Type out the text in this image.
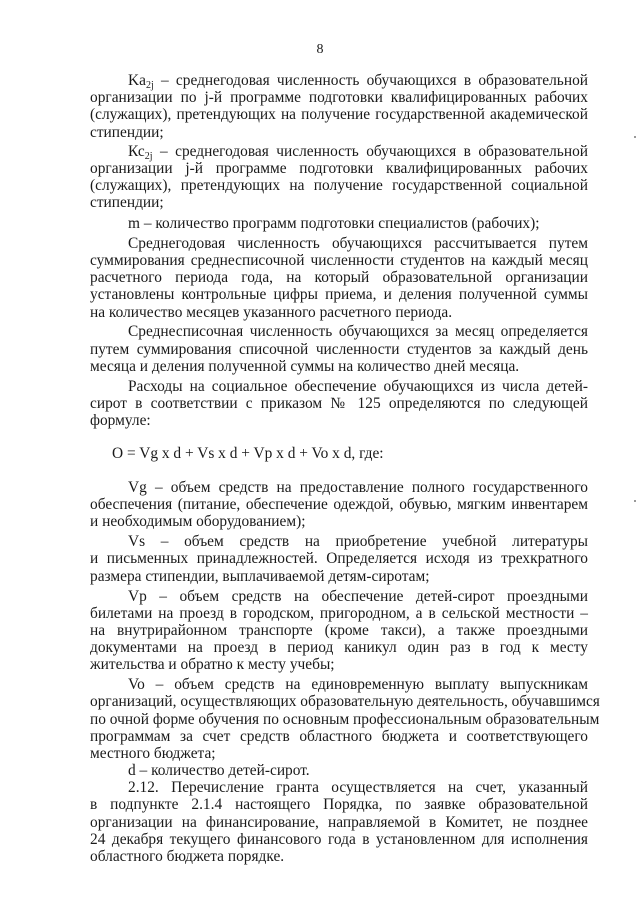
8
$Ka_{2j}$ – среднегодовая численность обучающихся в образовательной
организации по j-й программе подготовки квалифицированных рабочих
(служащих), претендующих на получение государственной академической
стипендии;
$Кс_{2j}$ – среднегодовая численность обучающихся в образовательной
организации j-й программе подготовки квалифицированных рабочих
(служащих), претендующих на получение государственной социальной
стипендии;
m – количество программ подготовки специалистов (рабочих);
Среднегодовая численность обучающихся рассчитывается путем
суммирования среднесписочной численности студентов на каждый месяц
расчетного периода года, на который образовательной организации
установлены контрольные цифры приема, и деления полученной суммы
на количество месяцев указанного расчетного периода.
Среднесписочная численность обучающихся за месяц определяется
путем суммирования списочной численности студентов за каждый день
месяца и деления полученной суммы на количество дней месяца.
Расходы на социальное обеспечение обучающихся из числа детей-
сирот в соответствии с приказом № 125 определяются по следующей
формуле:
O = Vg x d + Vs x d + Vp x d + Vo x d, где:
Vg – объем средств на предоставление полного государственного
обеспечения (питание, обеспечение одеждой, обувью, мягким инвентарем
и необходимым оборудованием);
Vs – объем средств на приобретение учебной литературы
и письменных принадлежностей. Определяется исходя из трехкратного
размера стипендии, выплачиваемой детям-сиротам;
Vp – объем средств на обеспечение детей-сирот проездными
билетами на проезд в городском, пригородном, а в сельской местности –
на внутрирайонном транспорте (кроме такси), а также проездными
документами на проезд в период каникул один раз в год к месту
жительства и обратно к месту учебы;
Vo – объем средств на единовременную выплату выпускникам
организаций, осуществляющих образовательную деятельность, обучавшимся
по очной форме обучения по основным профессиональным образовательным
программам за счет средств областного бюджета и соответствующего
местного бюджета;
d – количество детей-сирот.
2.12. Перечисление гранта осуществляется на счет, указанный
в подпункте 2.1.4 настоящего Порядка, по заявке образовательной
организации на финансирование, направляемой в Комитет, не позднее
24 декабря текущего финансового года в установленном для исполнения
областного бюджета порядке.
